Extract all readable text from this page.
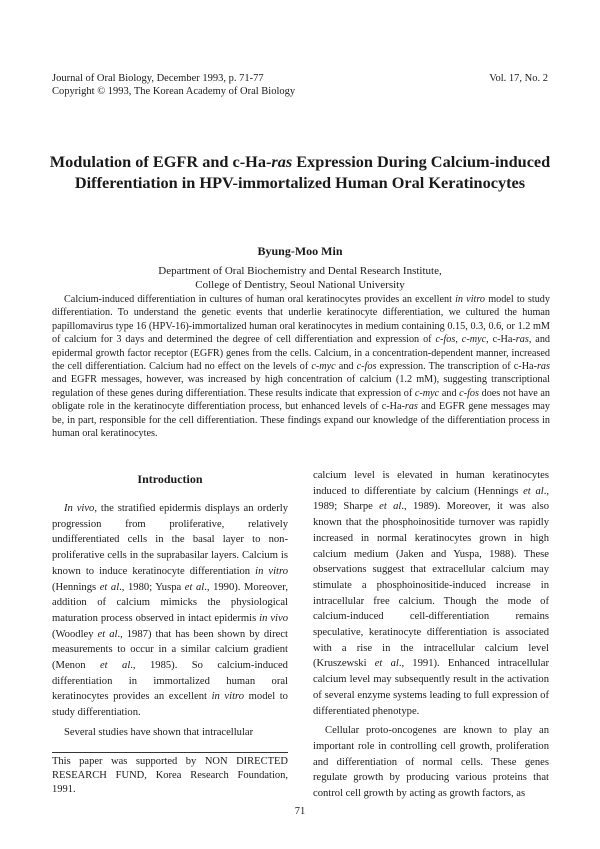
Journal of Oral Biology, December 1993, p. 71-77
Copyright © 1993, The Korean Academy of Oral Biology
Vol. 17, No. 2
Modulation of EGFR and c-Ha-ras Expression During Calcium-induced Differentiation in HPV-immortalized Human Oral Keratinocytes
Byung-Moo Min
Department of Oral Biochemistry and Dental Research Institute,
College of Dentistry, Seoul National University

Calcium-induced differentiation in cultures of human oral keratinocytes provides an excellent in vitro model to study differentiation. To understand the genetic events that underlie keratinocyte differentiation, we cultured the human papillomavirus type 16 (HPV-16)-immortalized human oral keratinocytes in medium containing 0.15, 0.3, 0.6, or 1.2 mM of calcium for 3 days and determined the degree of cell differentiation and expression of c-fos, c-myc, c-Ha-ras, and epidermal growth factor receptor (EGFR) genes from the cells. Calcium, in a concentration-dependent manner, increased the cell differentiation. Calcium had no effect on the levels of c-myc and c-fos expression. The transcription of c-Ha-ras and EGFR messages, however, was increased by high concentration of calcium (1.2 mM), suggesting transcriptional regulation of these genes during differentiation. These results indicate that expression of c-myc and c-fos does not have an obligate role in the keratinocyte differentiation process, but enhanced levels of c-Ha-ras and EGFR gene messages may be, in part, responsible for the cell differentiation. These findings expand our knowledge of the differentiation process in human oral keratinocytes.

Introduction

In vivo, the stratified epidermis displays an orderly progression from proliferative, relatively undifferentiated cells in the basal layer to non-proliferative cells in the suprabasilar layers. Calcium is known to induce keratinocyte differentiation in vitro (Hennings et al., 1980; Yuspa et al., 1990). Moreover, addition of calcium mimicks the physiological maturation process observed in intact epidermis in vivo (Woodley et al., 1987) that has been shown by direct measurements to occur in a similar calcium gradient (Menon et al., 1985). So calcium-induced differentiation in immortalized human oral keratinocytes provides an excellent in vitro model to study differentiation.

Several studies have shown that intracellular

This paper was supported by NON DIRECTED RESEARCH FUND, Korea Research Foundation, 1991.
71

calcium level is elevated in human keratinocytes induced to differentiate by calcium (Hennings et al., 1989; Sharpe et al., 1989). Moreover, it was also known that the phosphoinositide turnover was rapidly increased in normal keratinocytes grown in high calcium medium (Jaken and Yuspa, 1988). These observations suggest that extracellular calcium may stimulate a phosphoinositide-induced increase in intracellular free calcium. Though the mode of calcium-induced cell-differentiation remains speculative, keratinocyte differentiation is associated with a rise in the intracellular calcium level (Kruszewski et al., 1991). Enhanced intracellular calcium level may subsequently result in the activation of several enzyme systems leading to full expression of differentiated phenotype.

Cellular proto-oncogenes are known to play an important role in controlling cell growth, proliferation and differentiation of normal cells. These genes regulate growth by producing various proteins that control cell growth by acting as growth factors, as
